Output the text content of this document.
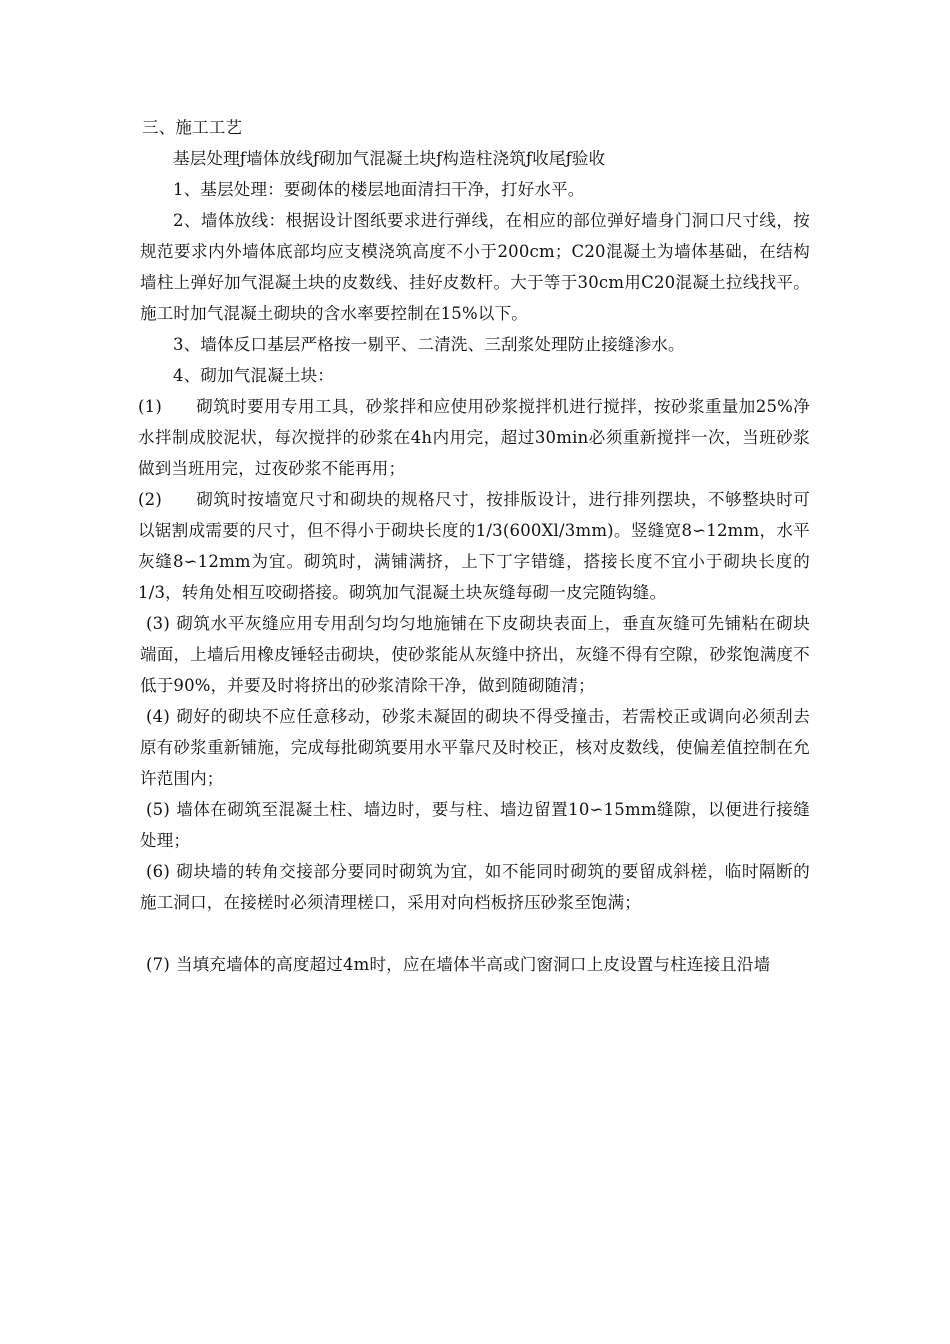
三、施工工艺

基层处理ƒ墙体放线ƒ砌加气混凝土块ƒ构造柱浇筑ƒ收尾ƒ验收

1、基层处理：要砌体的楼层地面清扫干净，打好水平。

2、墙体放线：根据设计图纸要求进行弹线，在相应的部位弹好墙身门洞口尺寸线，按规范要求内外墙体底部均应支模浇筑高度不小于200cm；C20混凝土为墙体基础，在结构墙柱上弹好加气混凝土块的皮数线、挂好皮数杆。大于等于30cm用C20混凝土拉线找平。施工时加气混凝土砌块的含水率要控制在15%以下。

3、墙体反口基层严格按一剔平、二清洗、三刮浆处理防止接缝渗水。

4、砌加气混凝土块：

(1) 砌筑时要用专用工具，砂浆拌和应使用砂浆搅拌机进行搅拌，按砂浆重量加25%净水拌制成胶泥状，每次搅拌的砂浆在4h内用完，超过30min必须重新搅拌一次，当班砂浆做到当班用完，过夜砂浆不能再用；

(2) 砌筑时按墙宽尺寸和砌块的规格尺寸，按排版设计，进行排列摆块，不够整块时可以锯割成需要的尺寸，但不得小于砌块长度的1/3(600Xl/3mm)。竖缝宽8∽12mm，水平灰缝8∽12mm为宜。砌筑时，满铺满挤，上下丁字错缝，搭接长度不宜小于砌块长度的1/3，转角处相互咬砌搭接。砌筑加气混凝土块灰缝每砌一皮完随钩缝。

(3) 砌筑水平灰缝应用专用刮匀均匀地施铺在下皮砌块表面上，垂直灰缝可先铺粘在砌块端面，上墙后用橡皮锤轻击砌块，使砂浆能从灰缝中挤出，灰缝不得有空隙，砂浆饱满度不低于90%，并要及时将挤出的砂浆清除干净，做到随砌随清；

(4) 砌好的砌块不应任意移动，砂浆未凝固的砌块不得受撞击，若需校正或调向必须刮去原有砂浆重新铺施，完成每批砌筑要用水平靠尺及时校正，核对皮数线，使偏差值控制在允许范围内；

(5) 墙体在砌筑至混凝土柱、墙边时，要与柱、墙边留置10∽15mm缝隙，以便进行接缝处理；

(6) 砌块墙的转角交接部分要同时砌筑为宜，如不能同时砌筑的要留成斜槎，临时隔断的施工洞口，在接槎时必须清理槎口，采用对向档板挤压砂浆至饱满；

(7) 当填充墙体的高度超过4m时，应在墙体半高或门窗洞口上皮设置与柱连接且沿墙
